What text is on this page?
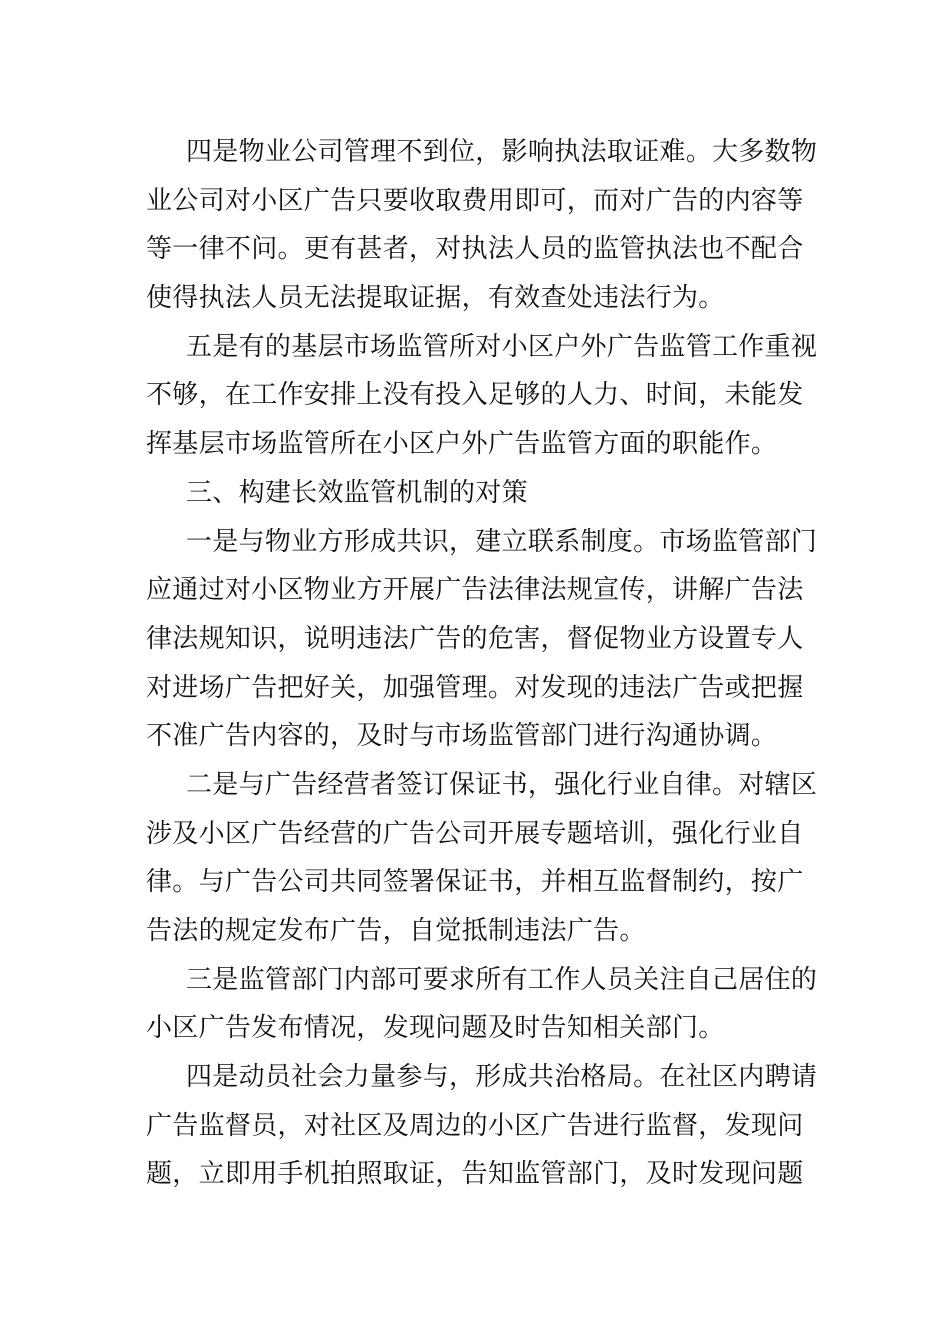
四是物业公司管理不到位，影响执法取证难。大多数物
业公司对小区广告只要收取费用即可，而对广告的内容等
等一律不问。更有甚者，对执法人员的监管执法也不配合
使得执法人员无法提取证据，有效查处违法行为。
五是有的基层市场监管所对小区户外广告监管工作重视
不够，在工作安排上没有投入足够的人力、时间，未能发
挥基层市场监管所在小区户外广告监管方面的职能作。
三、构建长效监管机制的对策
一是与物业方形成共识，建立联系制度。市场监管部门
应通过对小区物业方开展广告法律法规宣传，讲解广告法
律法规知识，说明违法广告的危害，督促物业方设置专人
对进场广告把好关，加强管理。对发现的违法广告或把握
不准广告内容的，及时与市场监管部门进行沟通协调。
二是与广告经营者签订保证书，强化行业自律。对辖区
涉及小区广告经营的广告公司开展专题培训，强化行业自
律。与广告公司共同签署保证书，并相互监督制约，按广
告法的规定发布广告，自觉抵制违法广告。
三是监管部门内部可要求所有工作人员关注自己居住的
小区广告发布情况，发现问题及时告知相关部门。
四是动员社会力量参与，形成共治格局。在社区内聘请
广告监督员，对社区及周边的小区广告进行监督，发现问
题，立即用手机拍照取证，告知监管部门，及时发现问题
